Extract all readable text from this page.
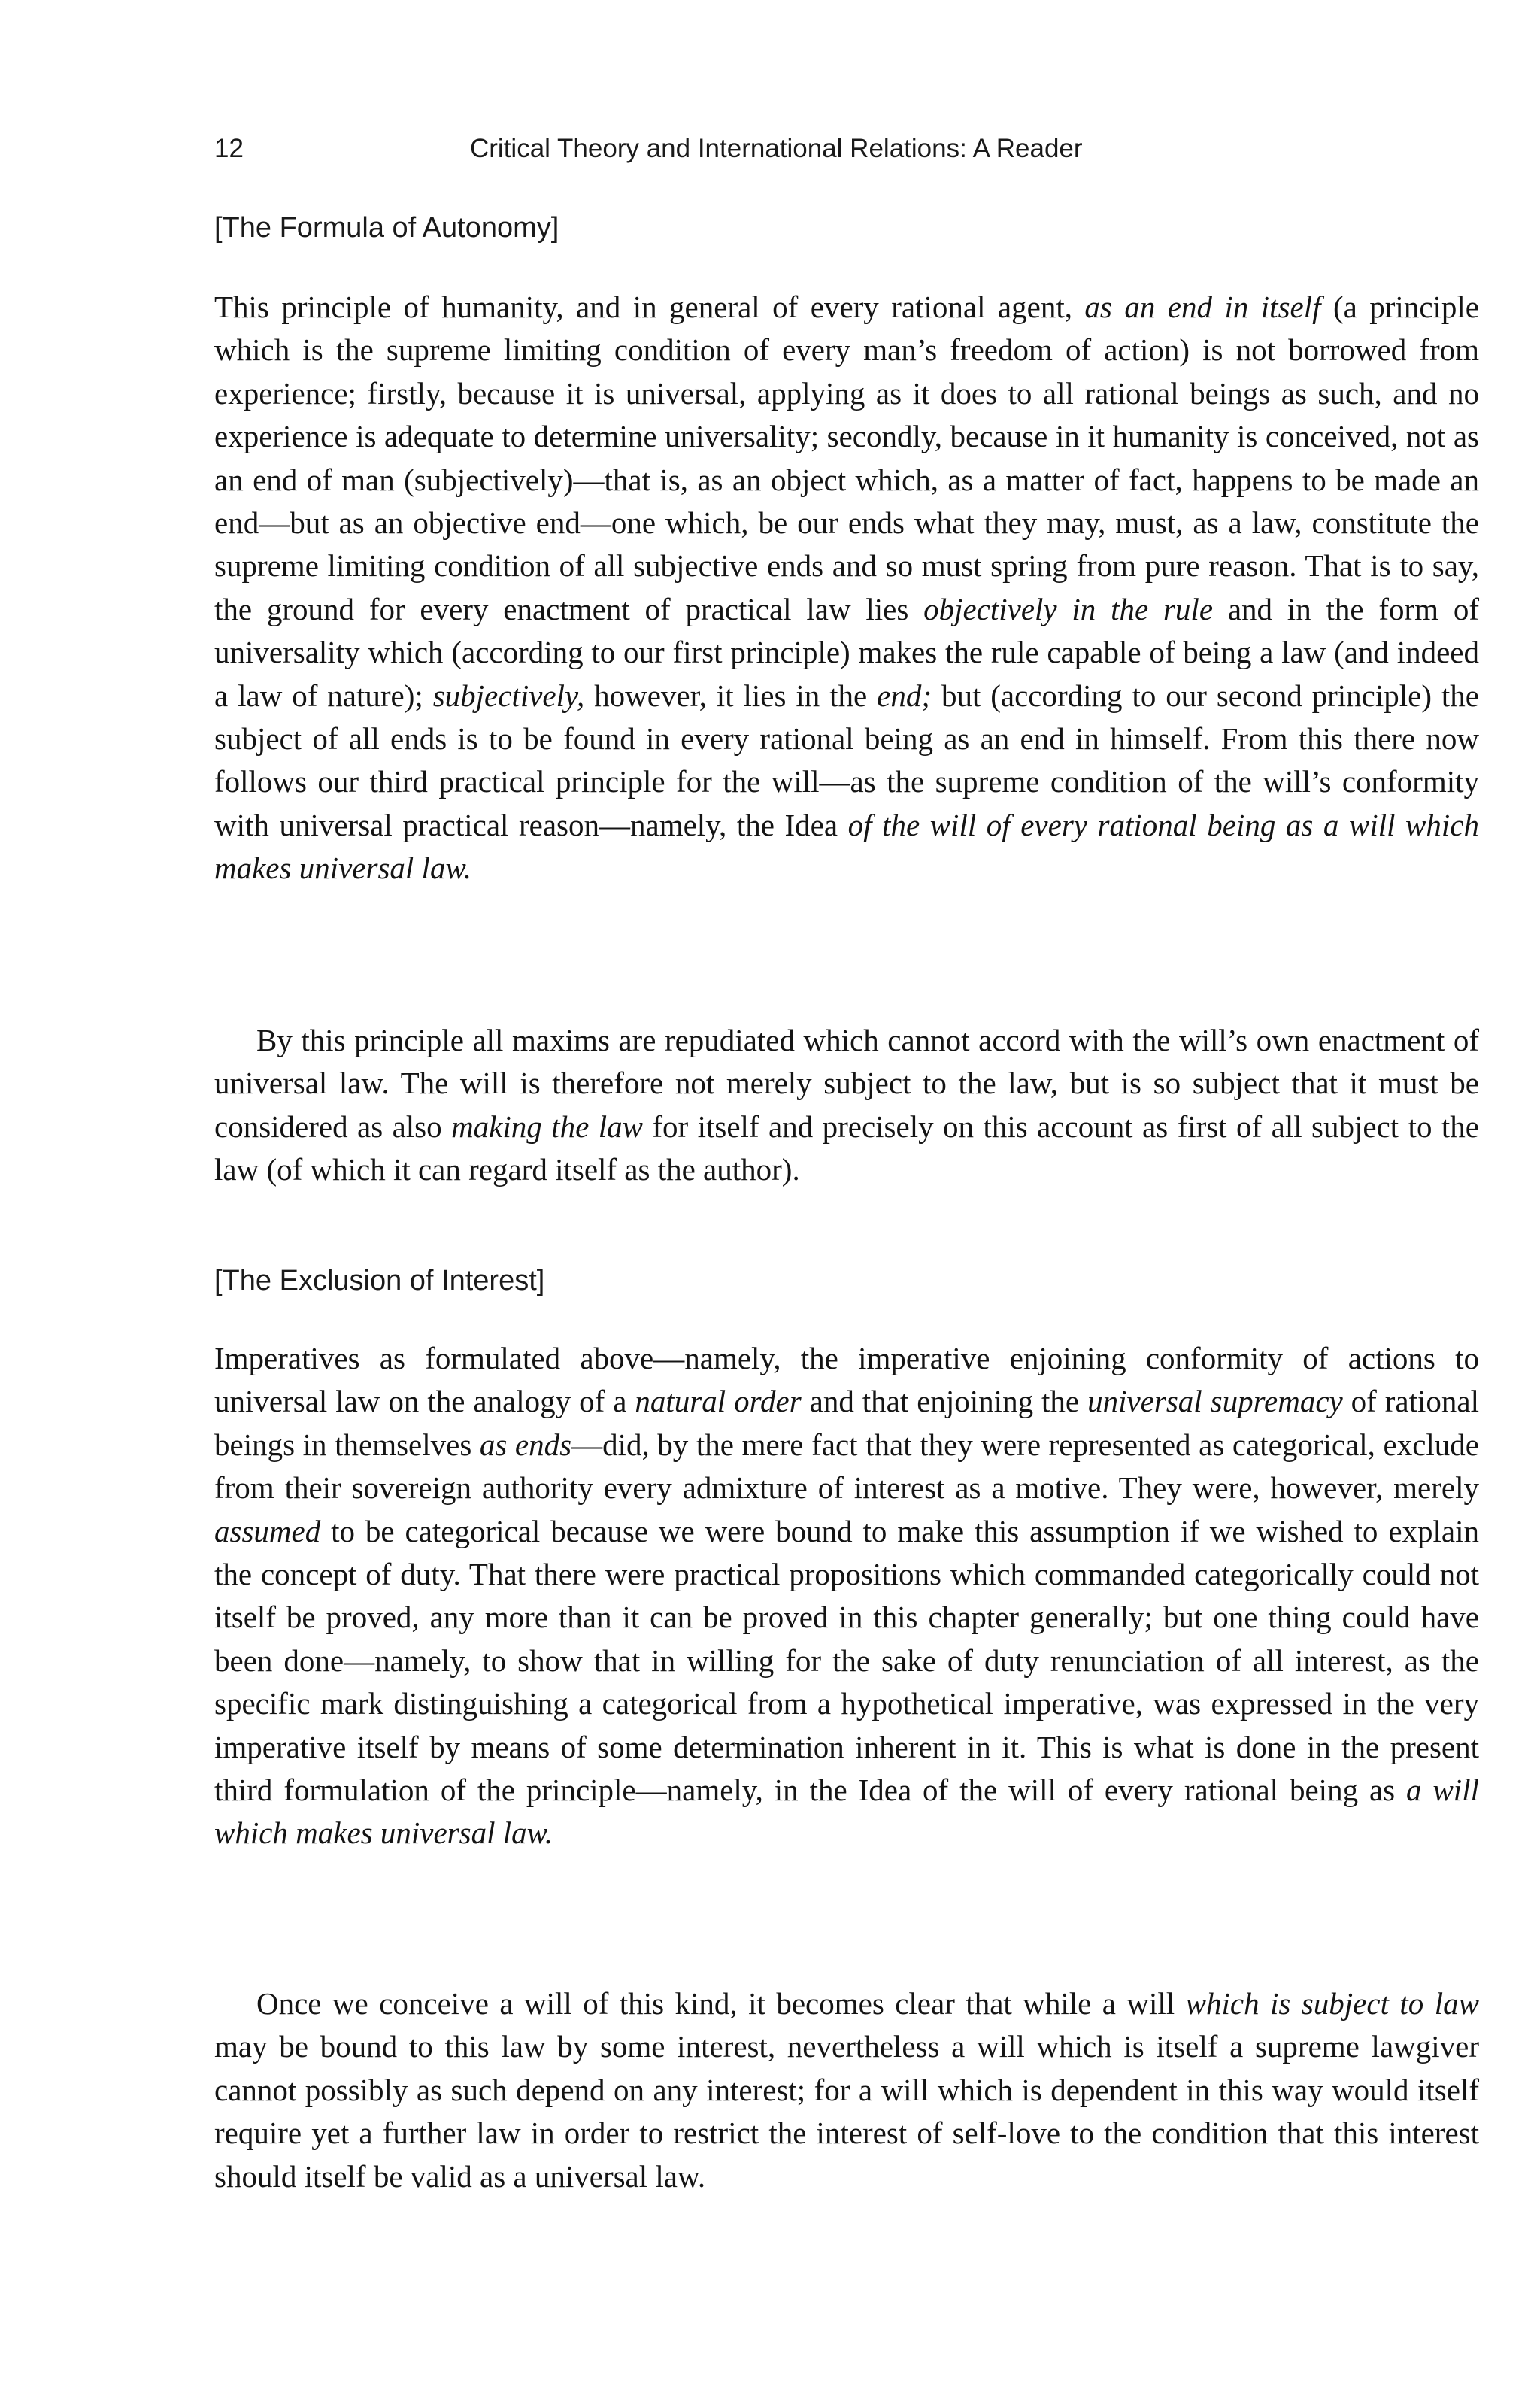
12	Critical Theory and International Relations: A Reader
[The Formula of Autonomy]

This principle of humanity, and in general of every rational agent, as an end in itself (a principle which is the supreme limiting condition of every man’s freedom of action) is not borrowed from experience; firstly, because it is universal, applying as it does to all rational beings as such, and no experience is adequate to determine universality; secondly, because in it humanity is conceived, not as an end of man (subjectively)—that is, as an object which, as a matter of fact, happens to be made an end—but as an objective end—one which, be our ends what they may, must, as a law, constitute the supreme limiting condition of all subjective ends and so must spring from pure reason. That is to say, the ground for every enactment of practical law lies objectively in the rule and in the form of universality which (according to our first principle) makes the rule capable of being a law (and indeed a law of nature); subjectively, however, it lies in the end; but (according to our second principle) the subject of all ends is to be found in every rational being as an end in himself. From this there now follows our third practical principle for the will—as the supreme condition of the will’s conformity with universal practical reason—namely, the Idea of the will of every rational being as a will which makes universal law.

By this principle all maxims are repudiated which cannot accord with the will’s own enactment of universal law. The will is therefore not merely subject to the law, but is so subject that it must be considered as also making the law for itself and precisely on this account as first of all subject to the law (of which it can regard itself as the author).

[The Exclusion of Interest]

Imperatives as formulated above—namely, the imperative enjoining conformity of actions to universal law on the analogy of a natural order and that enjoining the universal supremacy of rational beings in themselves as ends—did, by the mere fact that they were represented as categorical, exclude from their sovereign authority every admixture of interest as a motive. They were, however, merely assumed to be categorical because we were bound to make this assumption if we wished to explain the concept of duty. That there were practical propositions which commanded categorically could not itself be proved, any more than it can be proved in this chapter generally; but one thing could have been done—namely, to show that in willing for the sake of duty renunciation of all interest, as the specific mark distinguishing a categorical from a hypothetical imperative, was expressed in the very imperative itself by means of some determination inherent in it. This is what is done in the present third formulation of the principle—namely, in the Idea of the will of every rational being as a will which makes universal law.

Once we conceive a will of this kind, it becomes clear that while a will which is subject to law may be bound to this law by some interest, nevertheless a will which is itself a supreme lawgiver cannot possibly as such depend on any interest; for a will which is dependent in this way would itself require yet a further law in order to restrict the interest of self-love to the condition that this interest should itself be valid as a universal law.
